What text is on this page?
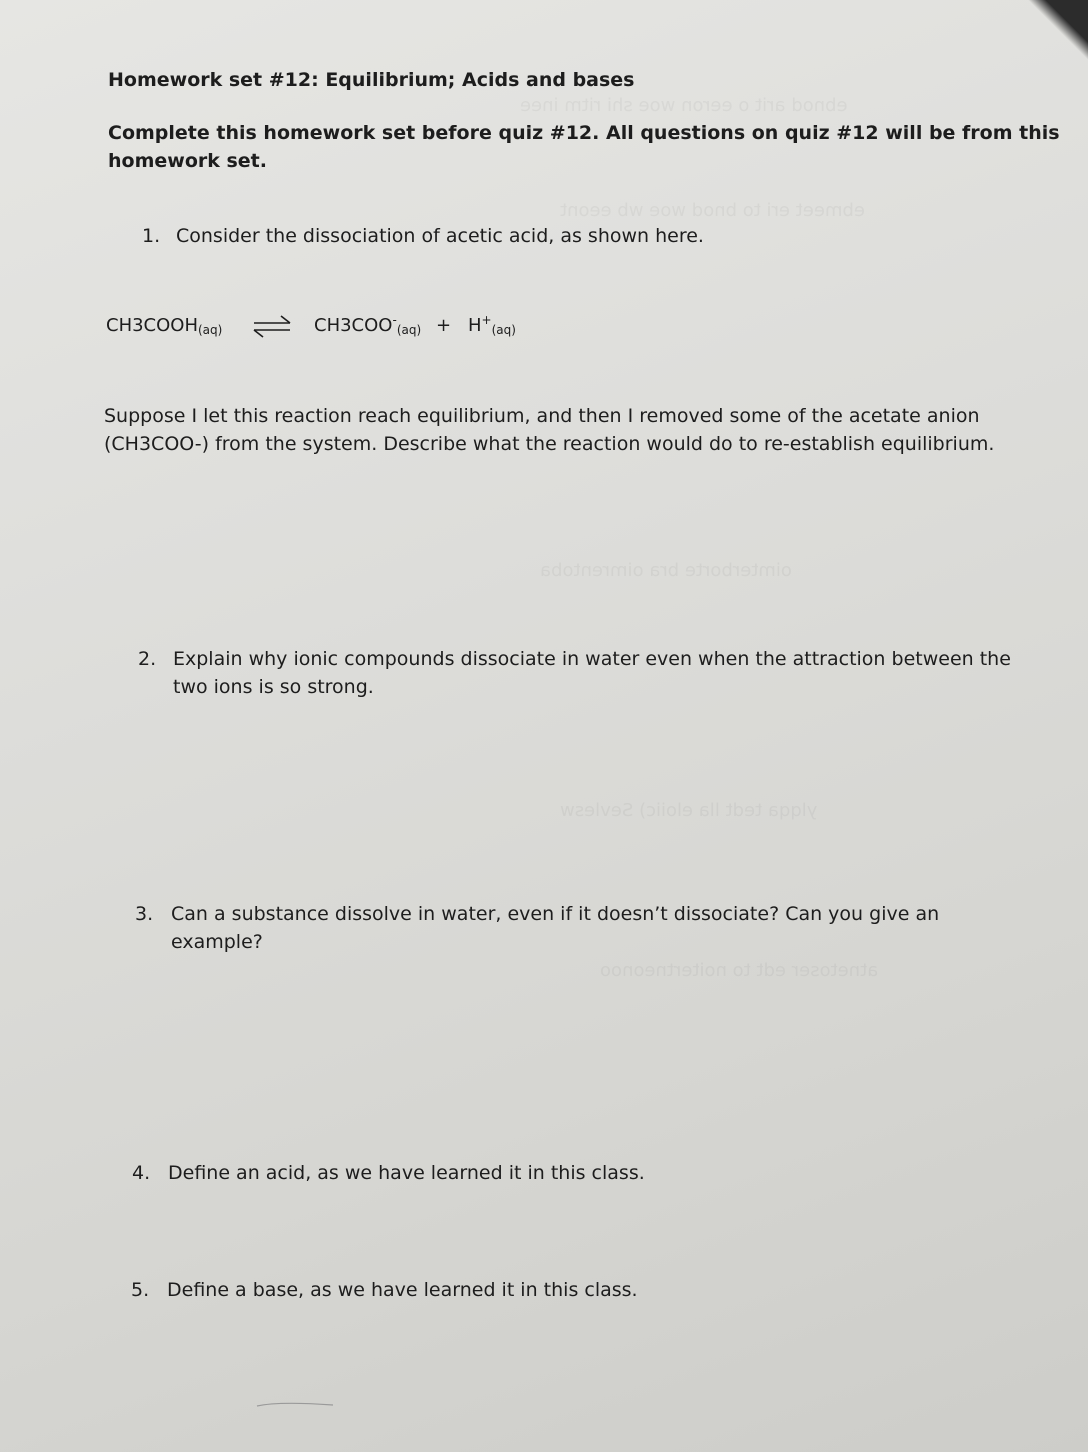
ebnod arit o eeron woe shi ritm inee
ebmeet eri to bnod woe wb eeont
oimterborte bra oimrentoba
ylqqa tedt lla eloiic) Sevlesw
atnetoser edt to noitertneonoo

Homework set #12: Equilibrium; Acids and bases

Complete this homework set before quiz #12. All questions on quiz #12 will be from this

homework set.

1. Consider the dissociation of acetic acid, as shown here.
CH3COOH(aq) ⇌ CH3COO-(aq) + H+(aq)

Suppose I let this reaction reach equilibrium, and then I removed some of the acetate anion

(CH3COO-) from the system. Describe what the reaction would do to re-establish equilibrium.

2. Explain why ionic compounds dissociate in water even when the attraction between the
two ions is so strong.
3. Can a substance dissolve in water, even if it doesn’t dissociate? Can you give an
example?
4. Define an acid, as we have learned it in this class.
5. Define a base, as we have learned it in this class.
